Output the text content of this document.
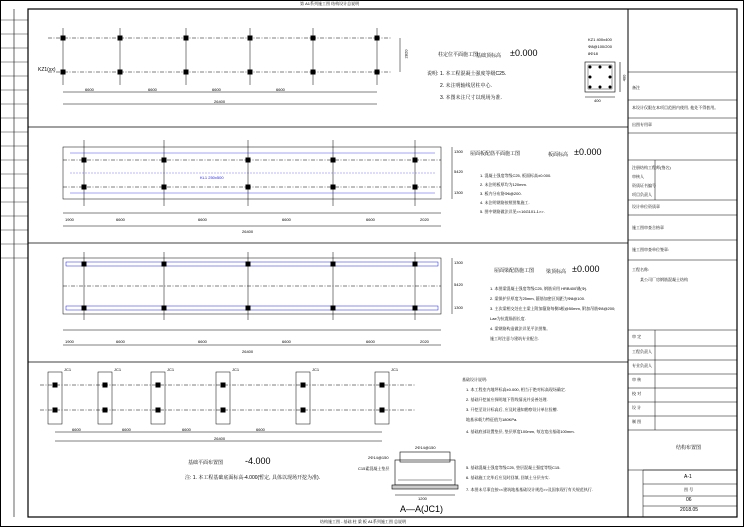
第 A1系列施工图 结构设计总说明
结构施工图 - 基础 柱 梁 板 A1系列施工图 总说明
柱定位平面施工图
基础顶标高 ±0.000
KZ1(xx)
2820
6600	6600	6600	6600
26400
说明: 1. 本工程混凝土强度等级C25.
2. 未注明轴线居柱中心.
3. 本图未注尺寸以现场为准.
KZ1 400x400
Φ8@100/200
8Φ18
400
400
屋面板配筋平面施工图	板面标高 ±0.000
KL1 250x500
1300
5420
1300
1900	6600	6600	6600	6600	2020
26400
1. 混凝土强度等级C25, 板面标高±0.000.
2. 未注明板厚均为120mm.
3. 板内分布筋Φ6@200.
4. 未注明钢筋按照图集施工.
5. 图中钢筋做法详见<<16G101-1>>.
屋面梁配筋施工图 梁顶标高 ±0.000
1300
5420
1300
1900	6600	6600	6600	6600	2020
26400
1. 本图梁混凝土强度等级C25, 钢筋采用 HRB400钢(Φ).
2. 梁保护层厚度为25mm, 箍筋加密区间距为Φ8@100.
3. 主次梁相交处在主梁上附加箍筋每侧3根@50mm, 附加吊筋Φ8@200;
Lae为抗震锚固长度.
4. 梁钢筋构造做法详见平法图集,
施工时注意与建筑专业配合.
JC1	JC1	JC1	JC1	JC1	JC1
6600	6600	6600	6600
26400
基础平面布置图 -4.000
注: 1. 本工程基础底面标高-4.000(暂定, 具体以现场开挖为准).
基础设计说明:
1. 本工程室内地坪标高±0.000, 相当于绝对标高现场确定.
2. 基础开挖前应探明地下管线情况并妥善处理.
3. 开挖至设计标高后, 应及时通知勘察设计单位验槽.
地基承载力特征值为180KPa.
4. 基础底部设置垫层, 垫层厚度100mm, 每边宽出基础100mm.
5. 基础混凝土强度等级C25, 垫层混凝土强度等级C15.
6. 基础施工完毕后应及时回填, 回填土分层夯实.
7. 本图未尽事宜按<<建筑地基基础设计规范>>及国家现行有关规范执行.
2Φ14@150
2Φ14@150
C15素混凝土垫层
1200
A—A(JC1)
备注
本设计仅限在本项目范围内使用, 他处不得套用。
出图专用章
注册结构工程师(签名)
审核人
资质证书编号
项目负责人
设计单位资质章
施工图审查合格章
施工图审查单位签章:
工程名称:
某公司厂房钢筋混凝土结构
审 定
工程负责人
专业负责人
审 核
校 对
设 计
制 图
结构布置图
A-1
图 号
06
2018.05
